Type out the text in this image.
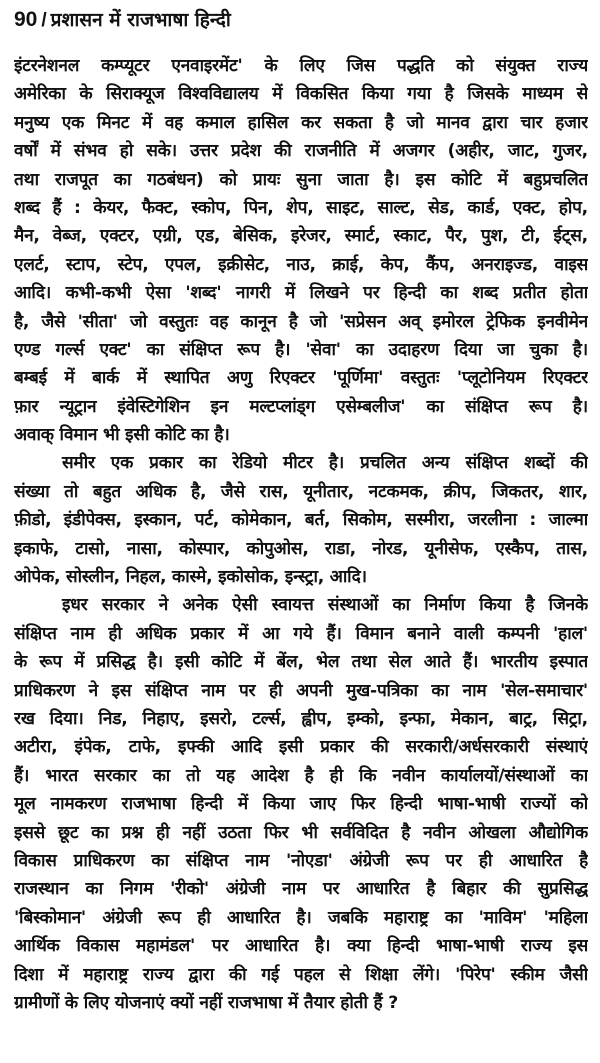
90 / प्रशासन में राजभाषा हिन्दी
इंटरनेशनल कम्प्यूटर एनवाइरमेंट' के लिए जिस पद्धति को संयुक्त राज्य
अमेरिका के सिराक्यूज विश्वविद्यालय में विकसित किया गया है जिसके माध्यम से
मनुष्य एक मिनट में वह कमाल हासिल कर सकता है जो मानव द्वारा चार हजार
वर्षों में संभव हो सके। उत्तर प्रदेश की राजनीति में अजगर (अहीर, जाट, गुजर,
तथा राजपूत का गठबंधन) को प्रायः सुना जाता है। इस कोटि में बहुप्रचलित
शब्द हैं : केयर, फैक्ट, स्कोप, पिन, शेप, साइट, साल्ट, सेड, कार्ड, एक्ट, होप,
मैन, वेब्ज, एक्टर, एग्री, एड, बेसिक, इरेजर, स्मार्ट, स्काट, पैर, पुश, टी, ईट्स,
एलर्ट, स्टाप, स्टेप, एपल, इक्रीसेट, नाउ, क्राई, केप, कैंप, अनराइज्ड, वाइस
आदि। कभी-कभी ऐसा 'शब्द' नागरी में लिखने पर हिन्दी का शब्द प्रतीत होता
है, जैसे 'सीता' जो वस्तुतः वह कानून है जो 'सप्रेसन अव् इमोरल ट्रेफिक इनवीमेन
एण्ड गर्ल्स एक्ट' का संक्षिप्त रूप है। 'सेवा' का उदाहरण दिया जा चुका है।
बम्बई में बार्क में स्थापित अणु रिएक्टर 'पूर्णिमा' वस्तुतः 'प्लूटोनियम रिएक्टर
फ़ार न्यूट्रान इंवेस्टिगेशिन इन मल्टप्लांड्ग एसेम्बलीज' का संक्षिप्त रूप है।
अवाक् विमान भी इसी कोटि का है।
समीर एक प्रकार का रेडियो मीटर है। प्रचलित अन्य संक्षिप्त शब्दों की
संख्या तो बहुत अधिक है, जैसे रास, यूनीतार, नटकमक, क्रीप, जिकतर, शार,
फ़ीडो, इंडीपेक्स, इस्कान, पर्ट, कोमेकान, बर्त, सिकोम, सस्मीरा, जरलीना : जाल्मा
इकाफे, टासो, नासा, कोस्पार, कोपुओस, राडा, नोरड, यूनीसेफ, एस्कैप, तास,
ओपेक, सोस्लीन, निहल, कास्मे, इकोसोक, इन्स्ट्रा, आदि।
इधर सरकार ने अनेक ऐसी स्वायत्त संस्थाओं का निर्माण किया है जिनके
संक्षिप्त नाम ही अधिक प्रकार में आ गये हैं। विमान बनाने वाली कम्पनी 'हाल'
के रूप में प्रसिद्ध है। इसी कोटि में बेंल, भेल तथा सेल आते हैं। भारतीय इस्पात
प्राधिकरण ने इस संक्षिप्त नाम पर ही अपनी मुख-पत्रिका का नाम 'सेल-समाचार'
रख दिया। निड, निहाए, इसरो, टर्ल्स, ह्वीप, इम्को, इन्फा, मेकान, बाट्र, सिट्रा,
अटीरा, इंपेक, टाफे, इफ्की आदि इसी प्रकार की सरकारी/अर्धसरकारी संस्थाएं
हैं। भारत सरकार का तो यह आदेश है ही कि नवीन कार्यालयों/संस्थाओं का
मूल नामकरण राजभाषा हिन्दी में किया जाए फिर हिन्दी भाषा-भाषी राज्यों को
इससे छूट का प्रश्न ही नहीं उठता फिर भी सर्वविदित है नवीन ओखला औद्योगिक
विकास प्राधिकरण का संक्षिप्त नाम 'नोएडा' अंग्रेजी रूप पर ही आधारित है
राजस्थान का निगम 'रीको' अंग्रेजी नाम पर आधारित है बिहार की सुप्रसिद्ध
'बिस्कोमान' अंग्रेजी रूप ही आधारित है। जबकि महाराष्ट्र का 'माविम' 'महिला
आर्थिक विकास महामंडल' पर आधारित है। क्या हिन्दी भाषा-भाषी राज्य इस
दिशा में महाराष्ट्र राज्य द्वारा की गई पहल से शिक्षा लेंगे। 'पिरेप' स्कीम जैसी
ग्रामीणों के लिए योजनाएं क्यों नहीं राजभाषा में तैयार होती हैं ?
